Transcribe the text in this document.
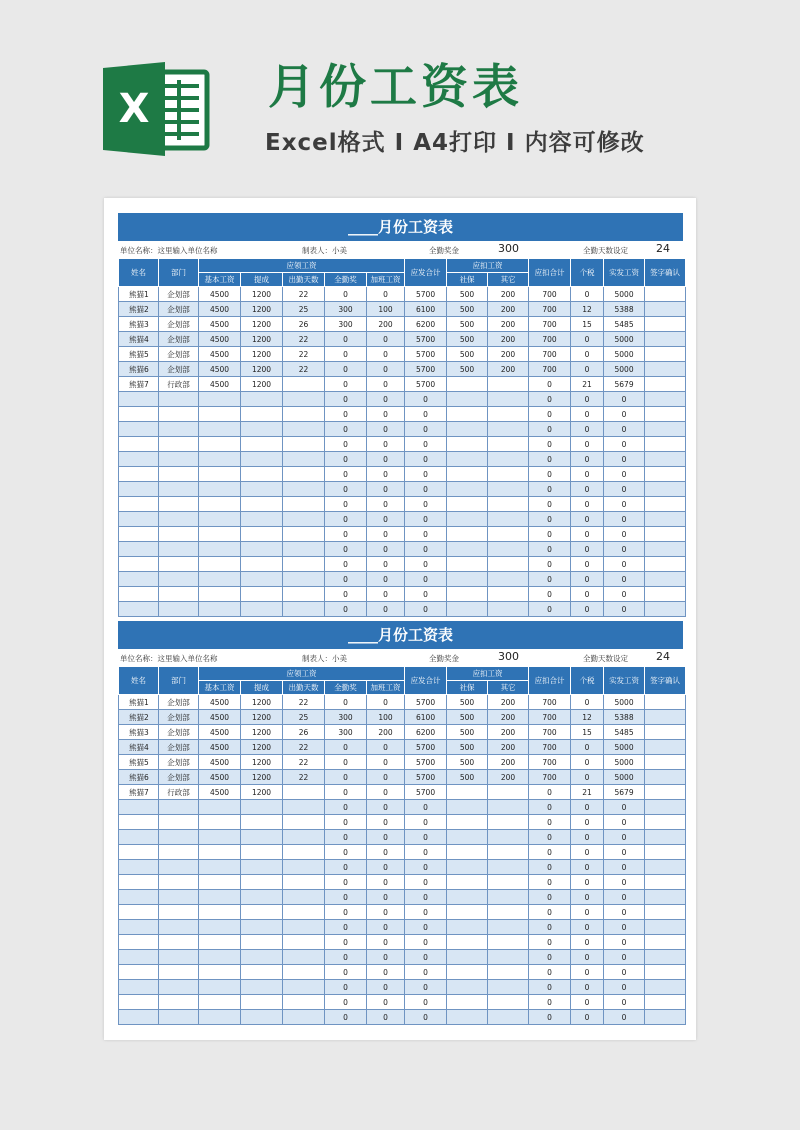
X	月份工资表
Excel格式 I A4打印 I 内容可修改
____月份工资表
单位名称：这里输入单位名称	制表人：小美	全勤奖金	300	全勤天数设定	24
姓名	部门	应领工资					应发合计	应扣工资		应扣合计	个税	实发工资	签字确认
		基本工资	提成	出勤天数	全勤奖	加班工资		社保	其它				
熊猫1	企划部	4500	1200	22	0	0	5700	500	200	700	0	5000	
熊猫2	企划部	4500	1200	25	300	100	6100	500	200	700	12	5388	
熊猫3	企划部	4500	1200	26	300	200	6200	500	200	700	15	5485	
熊猫4	企划部	4500	1200	22	0	0	5700	500	200	700	0	5000	
熊猫5	企划部	4500	1200	22	0	0	5700	500	200	700	0	5000	
熊猫6	企划部	4500	1200	22	0	0	5700	500	200	700	0	5000	
熊猫7	行政部	4500	1200		0	0	5700			0	21	5679	
					0	0	0			0	0	0	
					0	0	0			0	0	0	
					0	0	0			0	0	0	
					0	0	0			0	0	0	
					0	0	0			0	0	0	
					0	0	0			0	0	0	
					0	0	0			0	0	0	
					0	0	0			0	0	0	
					0	0	0			0	0	0	
					0	0	0			0	0	0	
					0	0	0			0	0	0	
					0	0	0			0	0	0	
					0	0	0			0	0	0	
					0	0	0			0	0	0	
					0	0	0			0	0	0	
____月份工资表
单位名称：这里输入单位名称	制表人：小美	全勤奖金	300	全勤天数设定	24
姓名	部门	应领工资					应发合计	应扣工资		应扣合计	个税	实发工资	签字确认
		基本工资	提成	出勤天数	全勤奖	加班工资		社保	其它				
熊猫1	企划部	4500	1200	22	0	0	5700	500	200	700	0	5000	
熊猫2	企划部	4500	1200	25	300	100	6100	500	200	700	12	5388	
熊猫3	企划部	4500	1200	26	300	200	6200	500	200	700	15	5485	
熊猫4	企划部	4500	1200	22	0	0	5700	500	200	700	0	5000	
熊猫5	企划部	4500	1200	22	0	0	5700	500	200	700	0	5000	
熊猫6	企划部	4500	1200	22	0	0	5700	500	200	700	0	5000	
熊猫7	行政部	4500	1200		0	0	5700			0	21	5679	
					0	0	0			0	0	0	
					0	0	0			0	0	0	
					0	0	0			0	0	0	
					0	0	0			0	0	0	
					0	0	0			0	0	0	
					0	0	0			0	0	0	
					0	0	0			0	0	0	
					0	0	0			0	0	0	
					0	0	0			0	0	0	
					0	0	0			0	0	0	
					0	0	0			0	0	0	
					0	0	0			0	0	0	
					0	0	0			0	0	0	
					0	0	0			0	0	0	
					0	0	0			0	0	0	
